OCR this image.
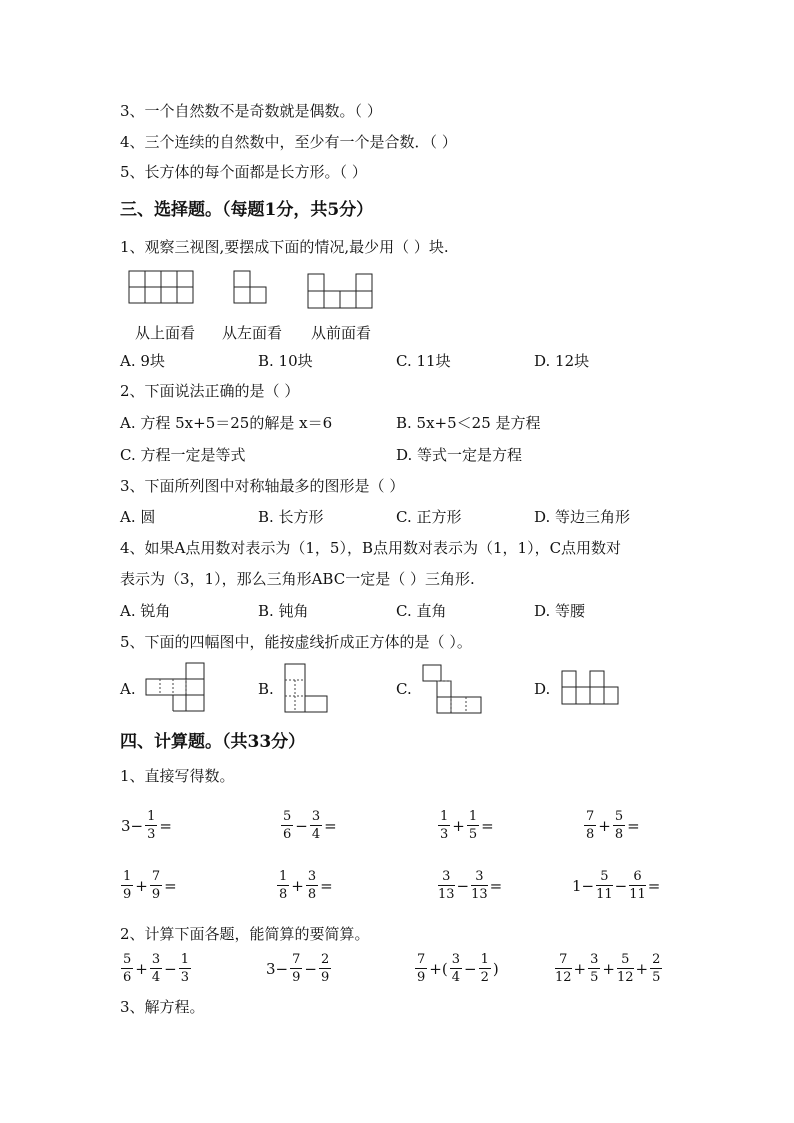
3、一个自然数不是奇数就是偶数。（ ）
4、三个连续的自然数中，至少有一个是合数．（ ）
5、长方体的每个面都是长方形。（ ）
三、选择题。（每题1分，共5分）
1、观察三视图,要摆成下面的情况,最少用（ ）块.
从上面看 从左面看 从前面看
A. 9块	B. 10块	C. 11块	D. 12块
2、下面说法正确的是（ ）
A. 方程 5x+5＝25的解是 x＝6	B. 5x+5＜25 是方程
C. 方程一定是等式	D. 等式一定是方程
3、下面所列图中对称轴最多的图形是（ ）
A. 圆	B. 长方形	C. 正方形	D. 等边三角形
4、如果A点用数对表示为（1，5），B点用数对表示为（1，1），C点用数对
表示为（3，1），那么三角形ABC一定是（ ）三角形.
A. 锐角	B. 钝角	C. 直角	D. 等腰
5、下面的四幅图中，能按虚线折成正方体的是（ ）。
A.	B.	C.	D.
四、计算题。（共33分）
1、直接写得数。
$3- \frac{1}{3}$ =	$\frac{5}{6} - \frac{3}{4}$ =	$\frac{1}{3} + \frac{1}{5}$ =	$\frac{7}{8} + \frac{5}{8}$ =
$\frac{1}{9} + \frac{7}{9}$ =	$\frac{1}{8} + \frac{3}{8}$ =	$\frac{3}{13} - \frac{3}{13}$ =	$1- \frac{5}{11} - \frac{6}{11}$ =
2、计算下面各题，能简算的要简算。
$\frac{5}{6} + \frac{3}{4} - \frac{1}{3}$	$3- \frac{7}{9} - \frac{2}{9}$	$\frac{7}{9}$ +( $\frac{3}{4} - \frac{1}{2}$ )	$\frac{7}{12} + \frac{3}{5} + \frac{5}{12} + \frac{2}{5}$
3、解方程。
